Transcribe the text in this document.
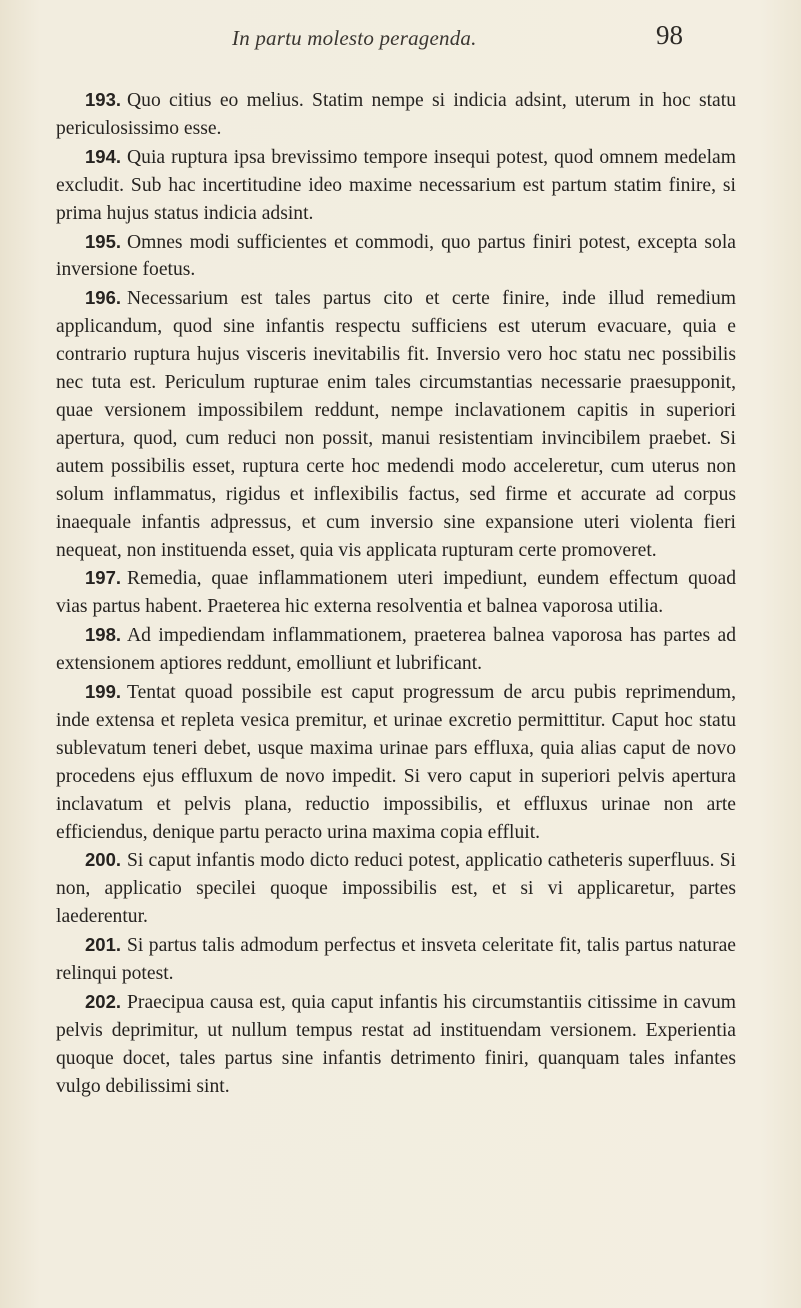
In partu molesto peragenda.	98

193. Quo citius eo melius. Statim nempe si indicia adsint, uterum in hoc statu periculosissimo esse.

194. Quia ruptura ipsa brevissimo tempore insequi potest, quod omnem medelam excludit. Sub hac incertitudine ideo maxime necessarium est partum statim finire, si prima hujus status indicia adsint.

195. Omnes modi sufficientes et commodi, quo partus finiri potest, excepta sola inversione foetus.

196. Necessarium est tales partus cito et certe finire, inde illud remedium applicandum, quod sine infantis respectu sufficiens est uterum evacuare, quia e contrario ruptura hujus visceris inevitabilis fit. Inversio vero hoc statu nec possibilis nec tuta est. Periculum rupturae enim tales circumstantias necessarie praesupponit, quae versionem impossibilem reddunt, nempe inclavationem capitis in superiori apertura, quod, cum reduci non possit, manui resistentiam invincibilem praebet. Si autem possibilis esset, ruptura certe hoc medendi modo acceleretur, cum uterus non solum inflammatus, rigidus et inflexibilis factus, sed firme et accurate ad corpus inaequale infantis adpressus, et cum inversio sine expansione uteri violenta fieri nequeat, non instituenda esset, quia vis applicata rupturam certe promoveret.

197. Remedia, quae inflammationem uteri impediunt, eundem effectum quoad vias partus habent. Praeterea hic externa resolventia et balnea vaporosa utilia.

198. Ad impediendam inflammationem, praeterea balnea vaporosa has partes ad extensionem aptiores reddunt, emolliunt et lubrificant.

199. Tentat quoad possibile est caput progressum de arcu pubis reprimendum, inde extensa et repleta vesica premitur, et urinae excretio permittitur. Caput hoc statu sublevatum teneri debet, usque maxima urinae pars effluxa, quia alias caput de novo procedens ejus effluxum de novo impedit. Si vero caput in superiori pelvis apertura inclavatum et pelvis plana, reductio impossibilis, et effluxus urinae non arte efficiendus, denique partu peracto urina maxima copia effluit.

200. Si caput infantis modo dicto reduci potest, applicatio catheteris superfluus. Si non, applicatio specilei quoque impossibilis est, et si vi applicaretur, partes laederentur.

201. Si partus talis admodum perfectus et insveta celeritate fit, talis partus naturae relinqui potest.

202. Praecipua causa est, quia caput infantis his circumstantiis citissime in cavum pelvis deprimitur, ut nullum tempus restat ad instituendam versionem. Experientia quoque docet, tales partus sine infantis detrimento finiri, quanquam tales infantes vulgo debilissimi sint.
